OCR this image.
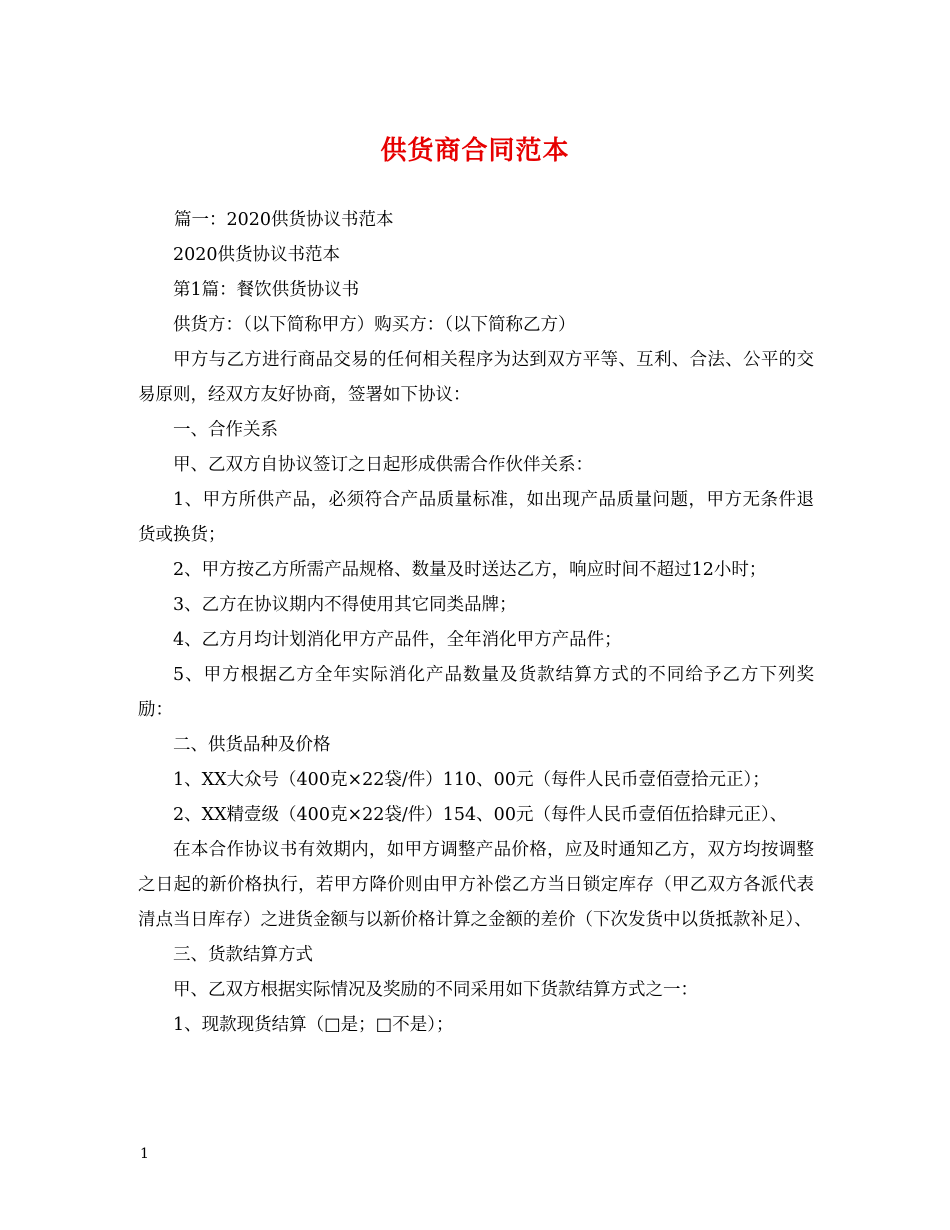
供货商合同范本

篇一：2020供货协议书范本

2020供货协议书范本

第1篇：餐饮供货协议书

供货方：（以下简称甲方）购买方：（以下简称乙方）

甲方与乙方进行商品交易的任何相关程序为达到双方平等、互利、合法、公平的交易原则，经双方友好协商，签署如下协议：

一、合作关系

甲、乙双方自协议签订之日起形成供需合作伙伴关系：

1、甲方所供产品，必须符合产品质量标准，如出现产品质量问题，甲方无条件退货或换货；

2、甲方按乙方所需产品规格、数量及时送达乙方，响应时间不超过12小时；

3、乙方在协议期内不得使用其它同类品牌；

4、乙方月均计划消化甲方产品件，全年消化甲方产品件；

5、甲方根据乙方全年实际消化产品数量及货款结算方式的不同给予乙方下列奖励：

二、供货品种及价格

1、XX大众号（400克×22袋/件）110、00元（每件人民币壹佰壹拾元正）；

2、XX精壹级（400克×22袋/件）154、00元（每件人民币壹佰伍拾肆元正）、

在本合作协议书有效期内，如甲方调整产品价格，应及时通知乙方，双方均按调整之日起的新价格执行，若甲方降价则由甲方补偿乙方当日锁定库存（甲乙双方各派代表清点当日库存）之进货金额与以新价格计算之金额的差价（下次发货中以货抵款补足）、

三、货款结算方式

甲、乙双方根据实际情况及奖励的不同采用如下货款结算方式之一：

1、现款现货结算（□是；□不是）；

1
